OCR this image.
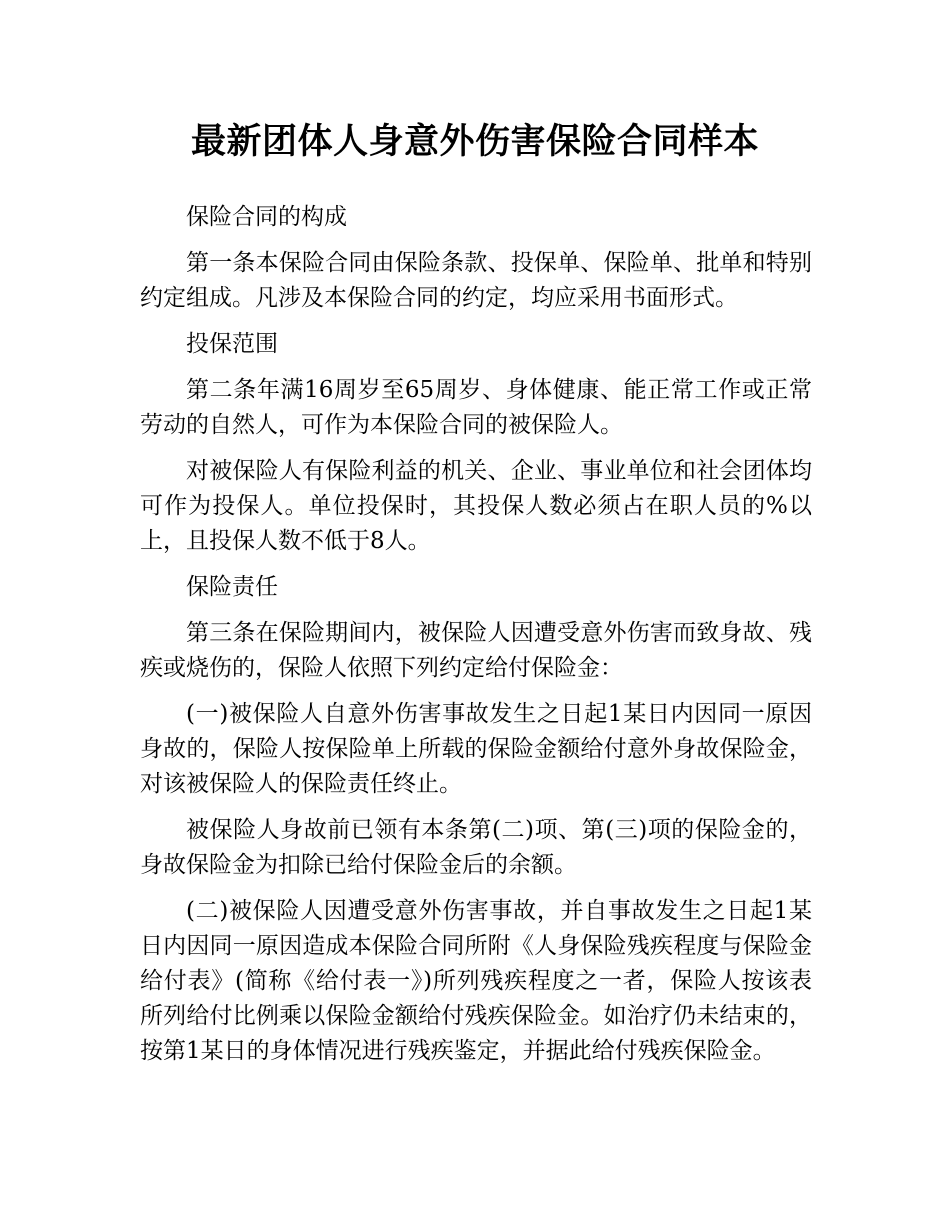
最新团体人身意外伤害保险合同样本

保险合同的构成

第一条本保险合同由保险条款、投保单、保险单、批单和特别约定组成。凡涉及本保险合同的约定，均应采用书面形式。

投保范围

第二条年满16周岁至65周岁、身体健康、能正常工作或正常劳动的自然人，可作为本保险合同的被保险人。

对被保险人有保险利益的机关、企业、事业单位和社会团体均可作为投保人。单位投保时，其投保人数必须占在职人员的%以上，且投保人数不低于8人。

保险责任

第三条在保险期间内，被保险人因遭受意外伤害而致身故、残疾或烧伤的，保险人依照下列约定给付保险金：

(一)被保险人自意外伤害事故发生之日起1某日内因同一原因身故的，保险人按保险单上所载的保险金额给付意外身故保险金，对该被保险人的保险责任终止。

被保险人身故前已领有本条第(二)项、第(三)项的保险金的，身故保险金为扣除已给付保险金后的余额。

(二)被保险人因遭受意外伤害事故，并自事故发生之日起1某日内因同一原因造成本保险合同所附《人身保险残疾程度与保险金给付表》(简称《给付表一》)所列残疾程度之一者，保险人按该表所列给付比例乘以保险金额给付残疾保险金。如治疗仍未结束的，按第1某日的身体情况进行残疾鉴定，并据此给付残疾保险金。
